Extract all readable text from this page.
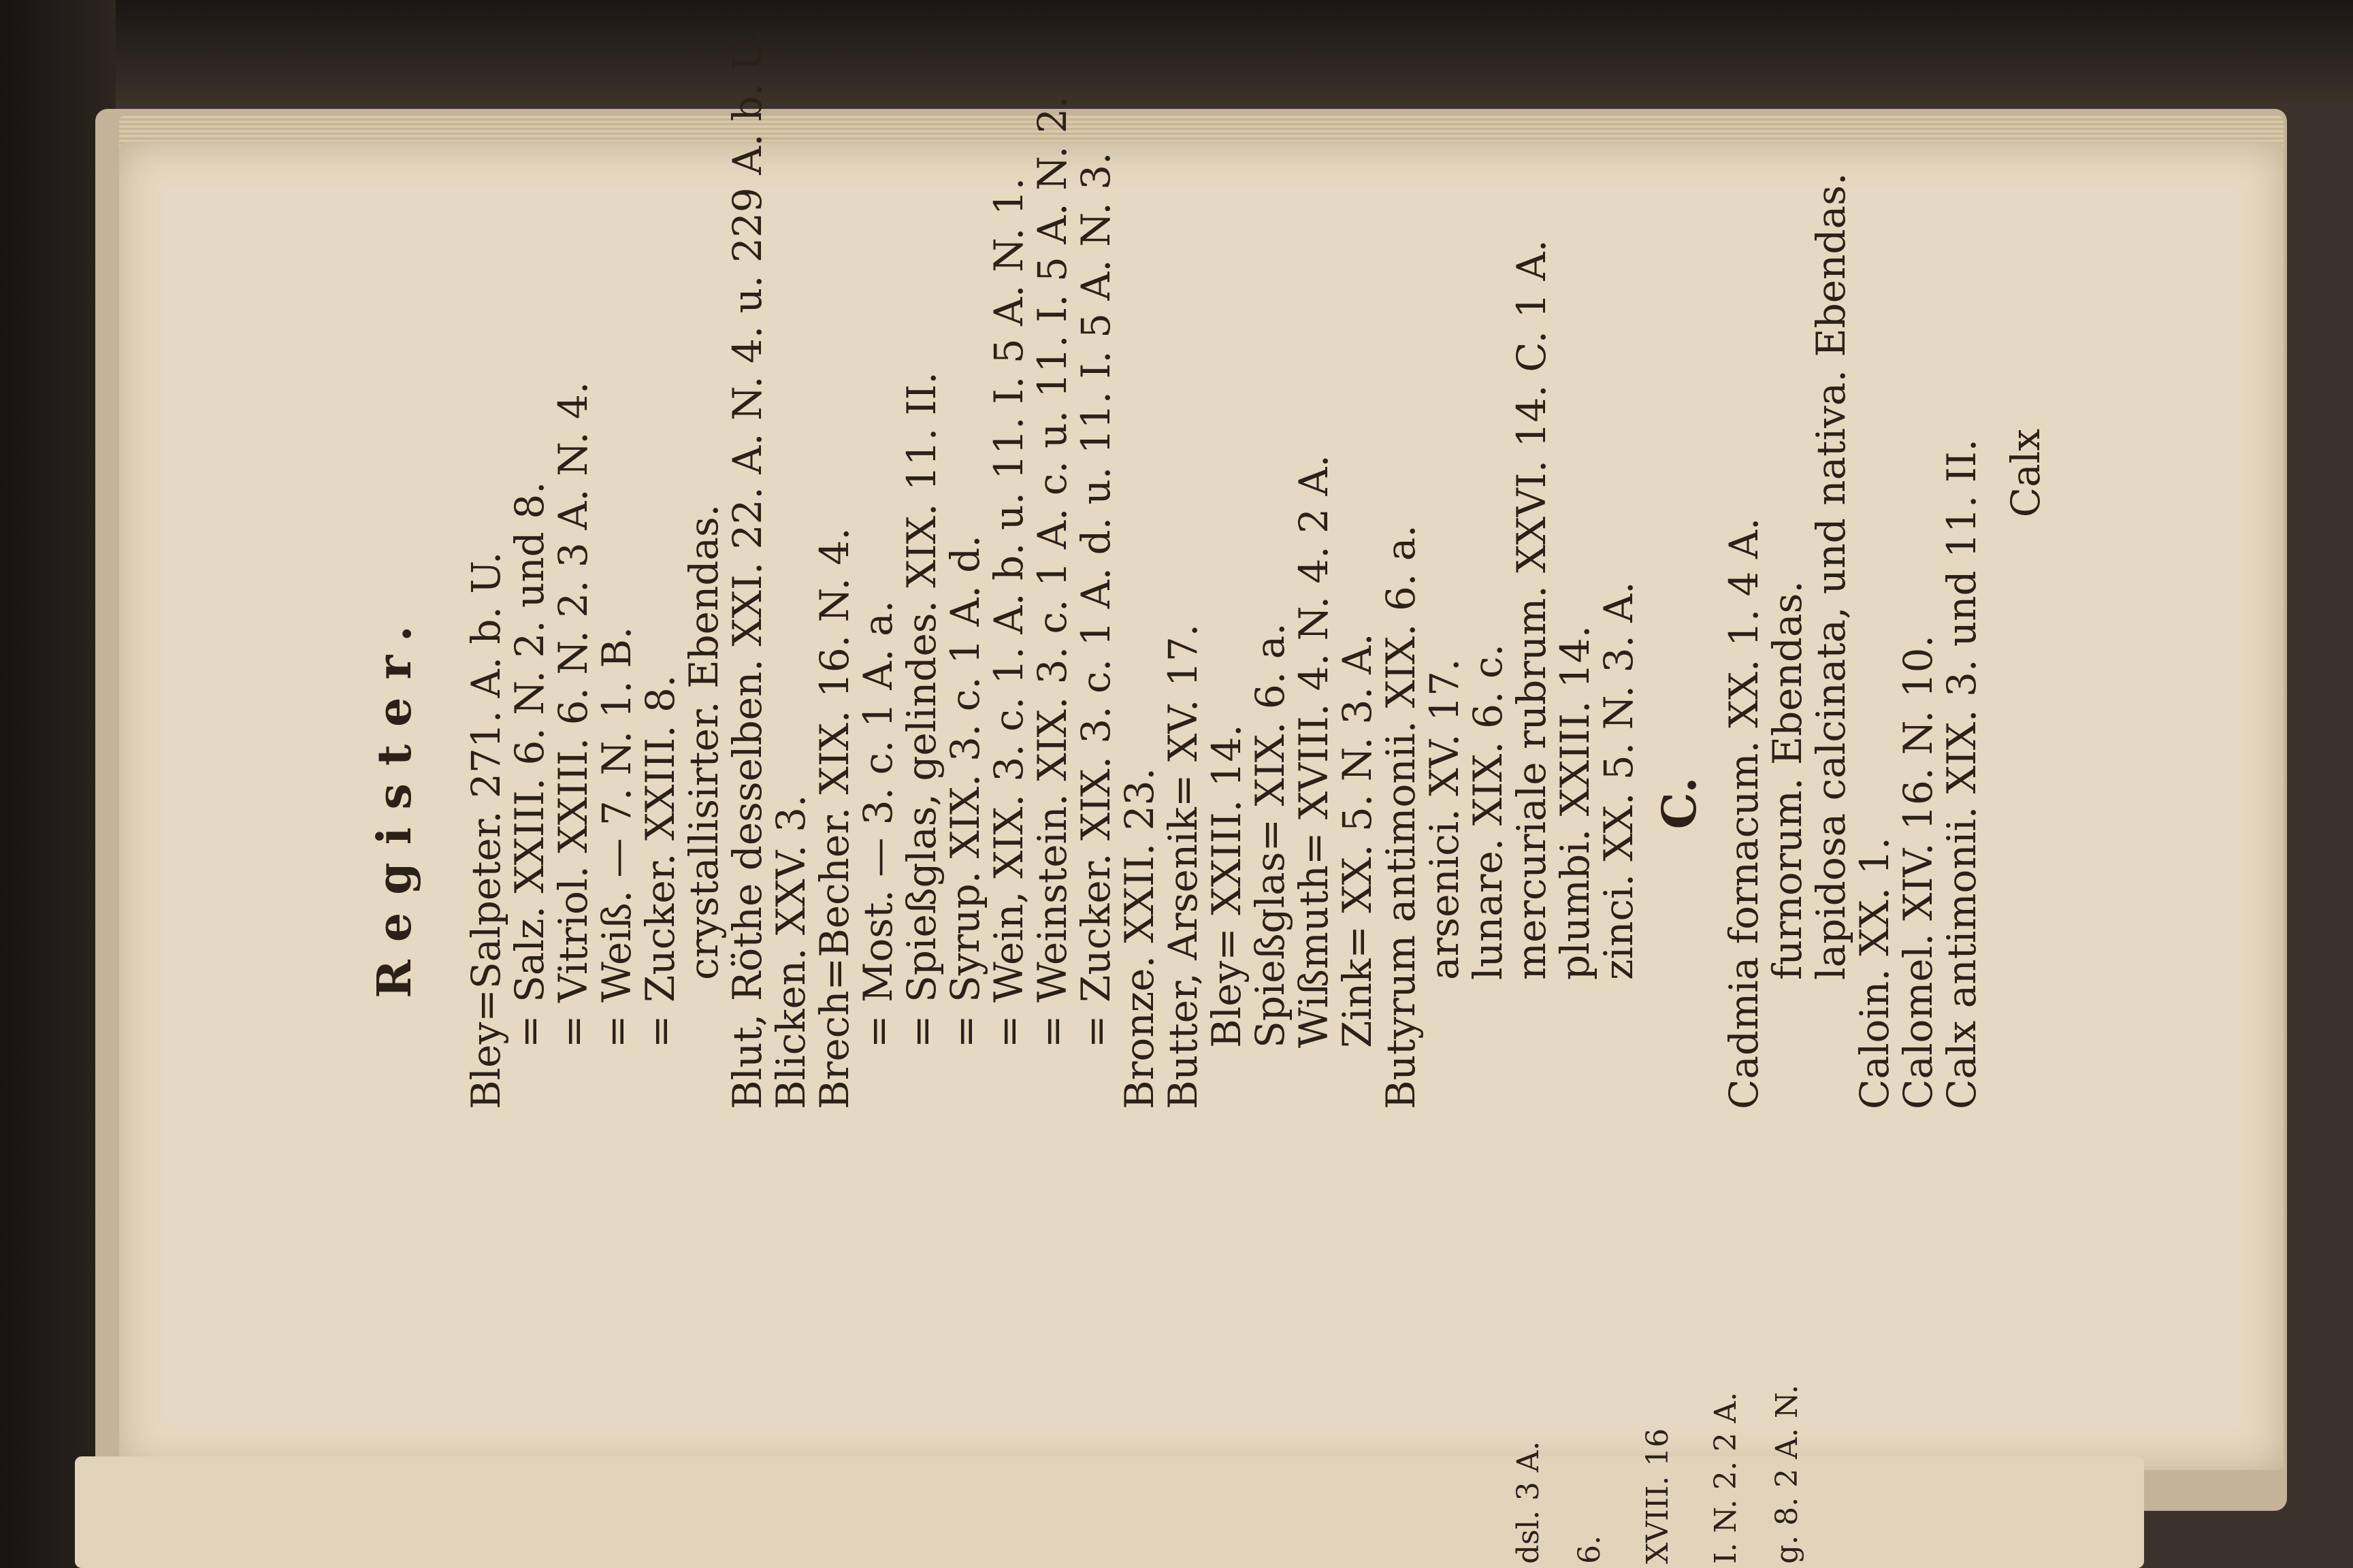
Register. Bley=Salpeter. 271. A. b. U.
= Salz. XXIII. 6. N. 2. und 8.
= Vitriol. XXIII. 6. N. 2. 3 A. N. 4.
= Weiß. — 7. N. 1. B.
= Zucker. XXIII. 8.
crystallisirter. Ebendas.
Blut, Röthe desselben. XXI. 22. A. N. 4. u. 229 A. b. U.
Blicken. XXV. 3.
Brech=Becher. XIX. 16. N. 4.
= Most. — 3. c. 1 A. a.
= Spießglas, gelindes. XIX. 11. II.
= Syrup. XIX. 3. c. 1 A. d.
= Wein, XIX. 3. c. 1. A. b. u. 11. I. 5 A. N. 1.
= Weinstein. XIX. 3. c. 1 A. c. u. 11. I. 5 A. N. 2.
= Zucker. XIX. 3. c. 1 A. d. u. 11. I. 5 A. N. 3.
Bronze. XXII. 23.
Butter, Arsenik= XV. 17.
Bley= XXIII. 14.
Spießglas= XIX. 6. a.
Wißmuth= XVIII. 4. N. 4. 2 A.
Zink= XX. 5. N. 3. A.
Butyrum antimonii. XIX. 6. a.
arsenici. XV. 17.
lunare. XIX. 6. c.
mercuriale rubrum. XXVI. 14. C. 1 A.
plumbi. XXIII. 14.
zinci. XX. 5. N. 3. A. C. Cadmia fornacum. XX. 1. 4 A.
furnorum. Ebendas.
lapidosa calcinata, und nativa. Ebendas.
Caloin. XX. 1.
Calomel. XIV. 16. N. 10.
Calx antimonii. XIX. 3. und 11. II. Calx
dsl. 3 A. 6. XVIII. 16 I. N. 2. 2 A. g. 8. 2 A. N.
